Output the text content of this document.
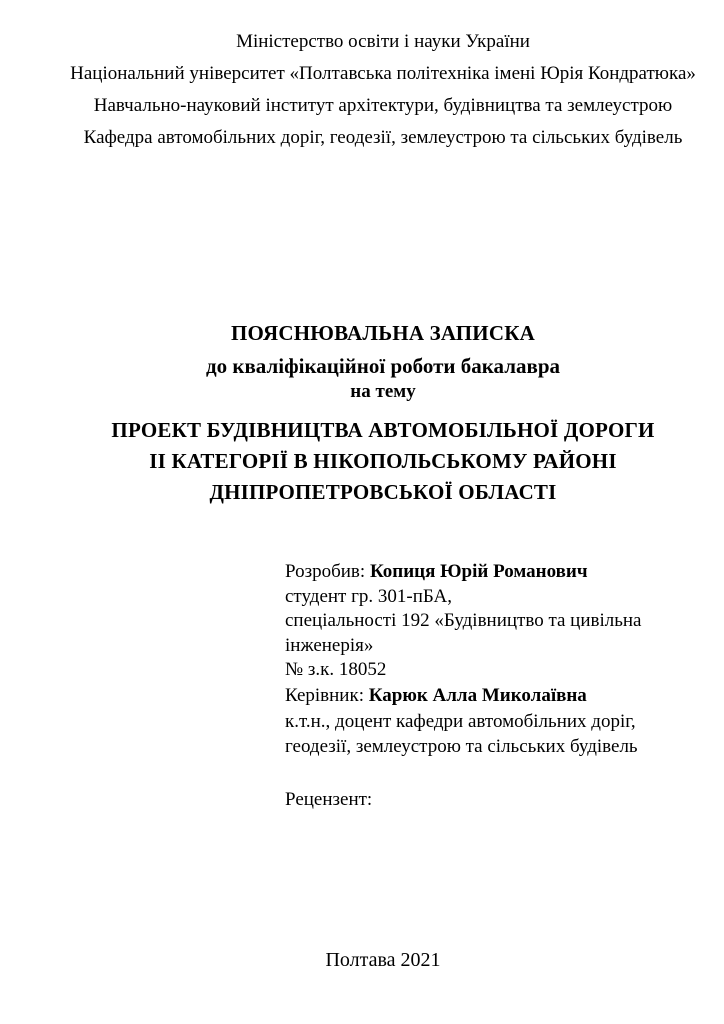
Міністерство освіти і науки України
Національний університет «Полтавська політехніка імені Юрія Кондратюка»
Навчально-науковий інститут архітектури, будівництва та землеустрою
Кафедра автомобільних доріг, геодезії, землеустрою та сільських будівель
ПОЯСНЮВАЛЬНА ЗАПИСКА
до кваліфікаційної роботи бакалавра
на тему
ПРОЕКТ БУДІВНИЦТВА АВТОМОБІЛЬНОЇ ДОРОГИ
ІІ КАТЕГОРІЇ В НІКОПОЛЬСЬКОМУ РАЙОНІ
ДНІПРОПЕТРОВСЬКОЇ ОБЛАСТІ
Розробив: Копиця Юрій Романович
студент гр. 301-пБА,
спеціальності 192 «Будівництво та цивільна інженерія»
№ з.к. 18052
Керівник: Карюк Алла Миколаївна
к.т.н., доцент кафедри автомобільних доріг,
геодезії, землеустрою та сільських будівель
Рецензент:
Полтава 2021
